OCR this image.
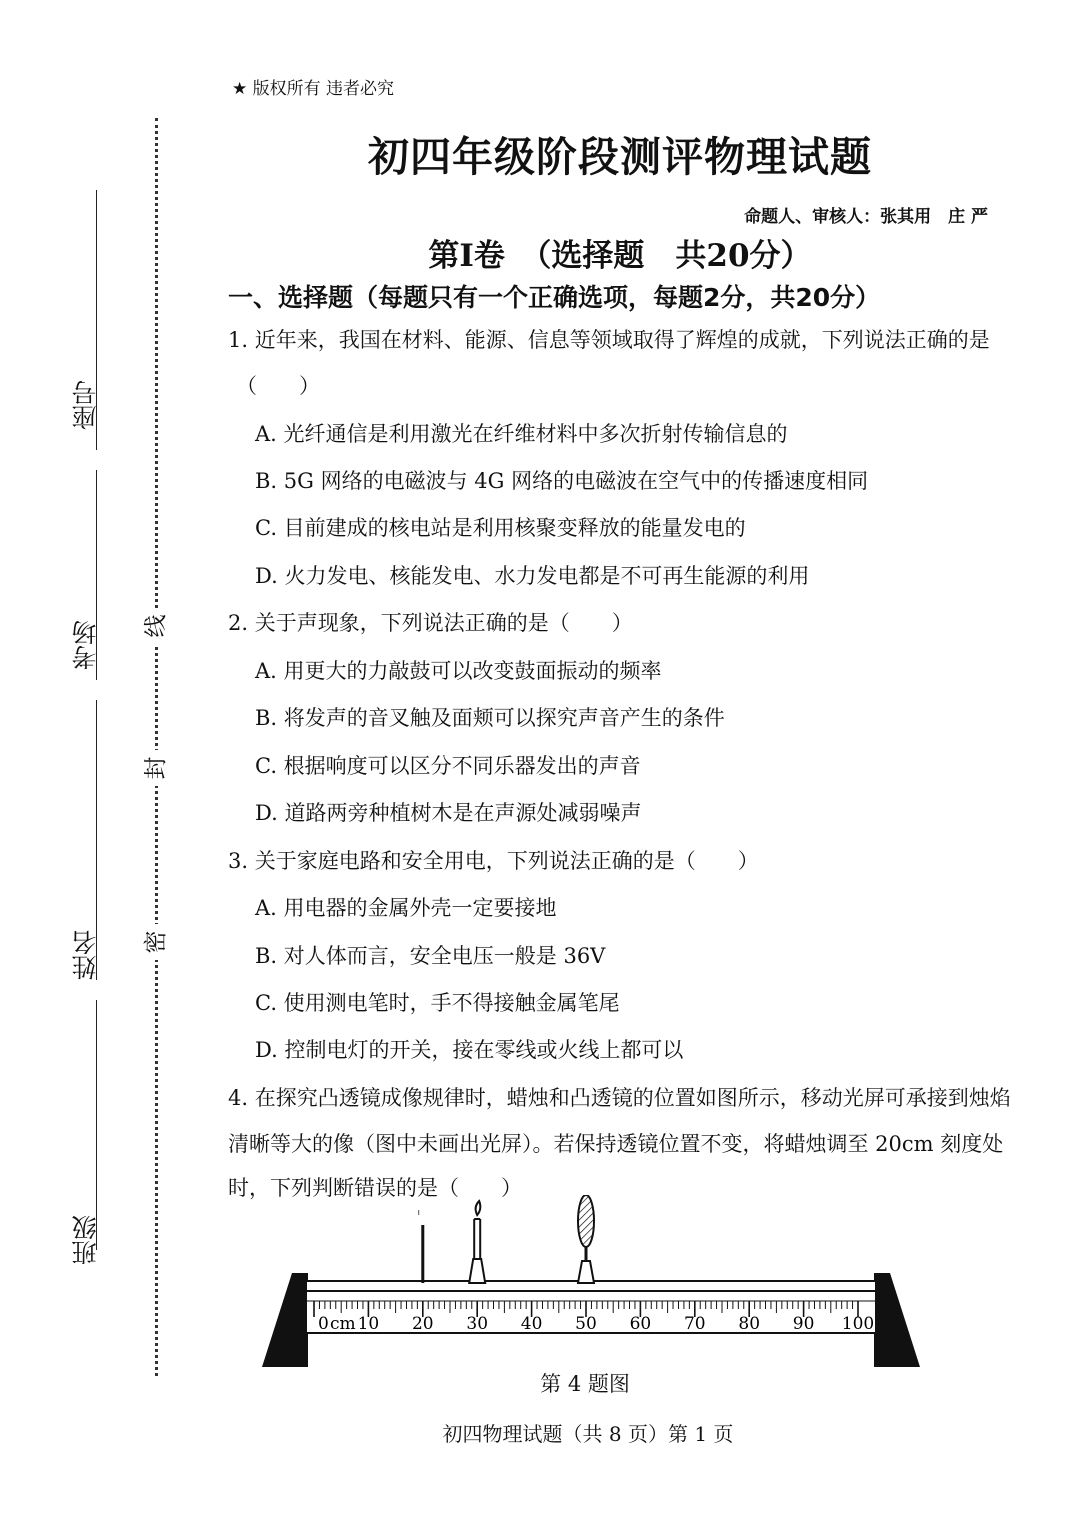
座号
考场
姓名
班级
线
封
密
★ 版权所有 违者必究
初四年级阶段测评物理试题
命题人、审核人：张其用　庄 严
第Ⅰ卷　（选择题　共20分）
一、选择题（每题只有一个正确选项，每题2分，共20分）
1. 近年来，我国在材料、能源、信息等领域取得了辉煌的成就，下列说法正确的是
（　　）
A. 光纤通信是利用激光在纤维材料中多次折射传输信息的
B. 5G 网络的电磁波与 4G 网络的电磁波在空气中的传播速度相同
C. 目前建成的核电站是利用核聚变释放的能量发电的
D. 火力发电、核能发电、水力发电都是不可再生能源的利用
2. 关于声现象，下列说法正确的是（　　）
A. 用更大的力敲鼓可以改变鼓面振动的频率
B. 将发声的音叉触及面颊可以探究声音产生的条件
C. 根据响度可以区分不同乐器发出的声音
D. 道路两旁种植树木是在声源处减弱噪声
3. 关于家庭电路和安全用电，下列说法正确的是（　　）
A. 用电器的金属外壳一定要接地
B. 对人体而言，安全电压一般是 36V
C. 使用测电笔时，手不得接触金属笔尾
D. 控制电灯的开关，接在零线或火线上都可以
4. 在探究凸透镜成像规律时，蜡烛和凸透镜的位置如图所示，移动光屏可承接到烛焰
清晰等大的像（图中未画出光屏）。若保持透镜位置不变，将蜡烛调至 20cm 刻度处
时，下列判断错误的是（　　）
0 cm 10 20 30 40 50 60 70 80 90 100
ˡ
第 4 题图
初四物理试题（共 8 页）第 1 页
